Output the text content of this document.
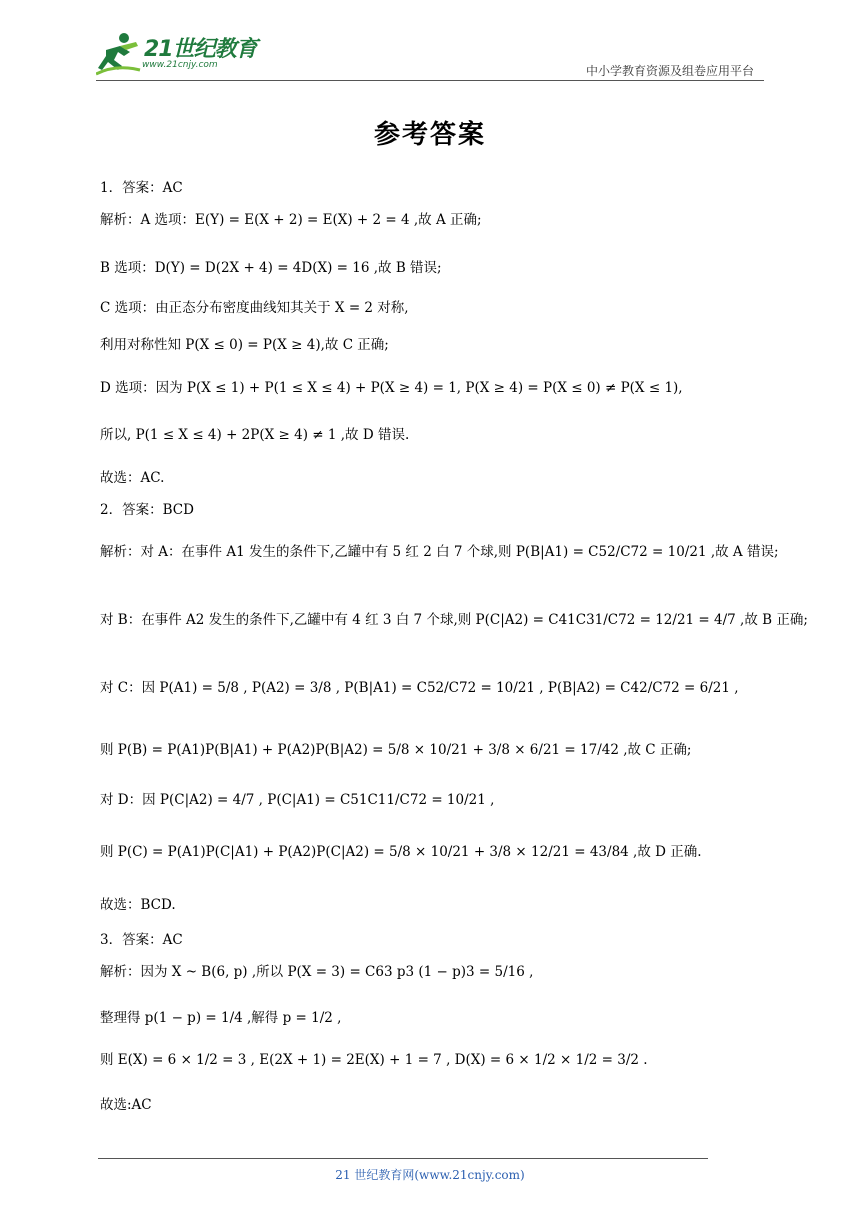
21世纪教育
www.21cnjy.com	中小学教育资源及组卷应用平台
参考答案
1．答案：AC
解析：A 选项：E(Y) = E(X + 2) = E(X) + 2 = 4 ,故 A 正确;
B 选项：D(Y) = D(2X + 4) = 4D(X) = 16 ,故 B 错误;
C 选项：由正态分布密度曲线知其关于 X = 2 对称,
利用对称性知 P(X ≤ 0) = P(X ≥ 4),故 C 正确;
D 选项：因为 P(X ≤ 1) + P(1 ≤ X ≤ 4) + P(X ≥ 4) = 1, P(X ≥ 4) = P(X ≤ 0) ≠ P(X ≤ 1),
所以, P(1 ≤ X ≤ 4) + 2P(X ≥ 4) ≠ 1 ,故 D 错误.
故选：AC.
2．答案：BCD
解析：对 A：在事件 A1 发生的条件下,乙罐中有 5 红 2 白 7 个球,则 P(B|A1) = C52/C72 = 10/21 ,故 A 错误;
对 B：在事件 A2 发生的条件下,乙罐中有 4 红 3 白 7 个球,则 P(C|A2) = C41C31/C72 = 12/21 = 4/7 ,故 B 正确;
对 C：因 P(A1) = 5/8 , P(A2) = 3/8 , P(B|A1) = C52/C72 = 10/21 , P(B|A2) = C42/C72 = 6/21 ,
则 P(B) = P(A1)P(B|A1) + P(A2)P(B|A2) = 5/8 × 10/21 + 3/8 × 6/21 = 17/42 ,故 C 正确;
对 D：因 P(C|A2) = 4/7 , P(C|A1) = C51C11/C72 = 10/21 ,
则 P(C) = P(A1)P(C|A1) + P(A2)P(C|A2) = 5/8 × 10/21 + 3/8 × 12/21 = 43/84 ,故 D 正确.
故选：BCD.
3．答案：AC
解析：因为 X ~ B(6, p) ,所以 P(X = 3) = C63 p3 (1 − p)3 = 5/16 ,
整理得 p(1 − p) = 1/4 ,解得 p = 1/2 ,
则 E(X) = 6 × 1/2 = 3 , E(2X + 1) = 2E(X) + 1 = 7 , D(X) = 6 × 1/2 × 1/2 = 3/2 .
故选:AC
21 世纪教育网(www.21cnjy.com)
